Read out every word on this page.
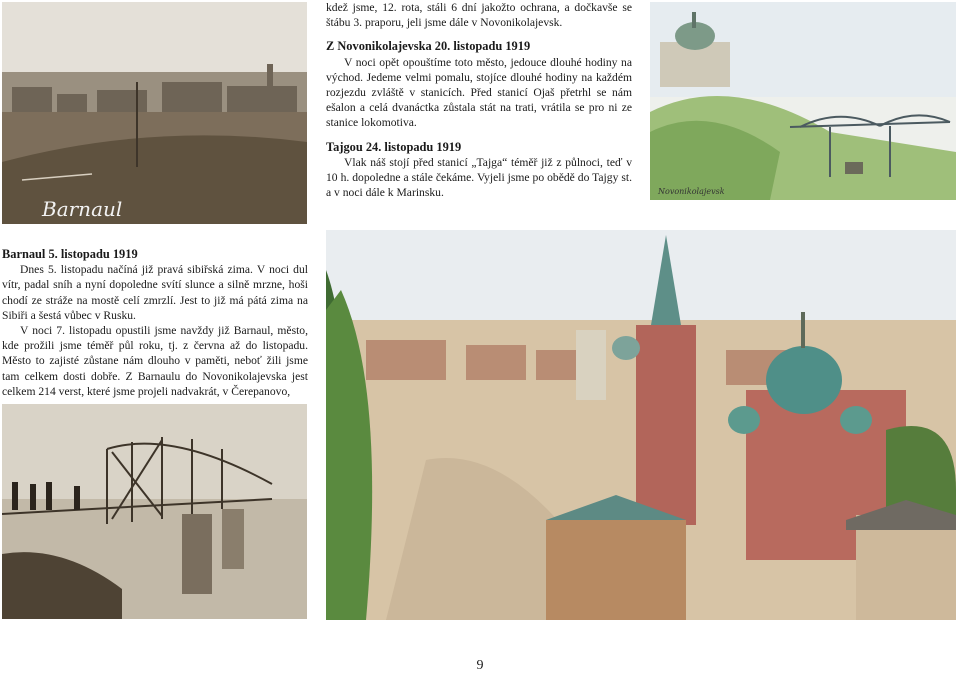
Barnaul

kdež jsme, 12. rota, stáli 6 dní jakožto ochrana, a dočkavše se štábu 3. praporu, jeli jsme dále v Novonikolajevsk.

Z Novonikolajevska 20. listopadu 1919

V noci opět opouštíme toto město, jedouce dlouhé hodiny na východ. Jedeme velmi pomalu, stojíce dlouhé hodiny na každém rozjezdu zvláště v stanicích. Před stanicí Ojaš přetrhl se nám ešalon a celá dvanáctka zůstala stát na trati, vrátila se pro ni ze stanice lokomotiva.

Tajgou 24. listopadu 1919

Vlak náš stojí před stanicí „Tajga“ téměř již z půlnoci, teď v 10 h. dopoledne a stále čekáme. Vyjeli jsme po obědě do Tajgy st. a v noci dále k Marinsku.	Novonikolajevsk
Barnaul 5. listopadu 1919

Dnes 5. listopadu načíná již pravá sibiřská zima. V noci dul vítr, padal sníh a nyní dopoledne svítí slunce a silně mrzne, hoši chodí ze stráže na mostě celí zmrzlí. Jest to již má pátá zima na Sibiři a šestá vůbec v Rusku.

V noci 7. listopadu opustili jsme navždy již Barnaul, město, kde prožili jsme téměř půl roku, tj. z června až do listopadu. Město to zajisté zůstane nám dlouho v paměti, neboť žili jsme tam celkem dosti dobře. Z Barnaulu do Novonikolajevska jest celkem 214 verst, které jsme projeli nadvakrát, v Čerepanovo,

9
